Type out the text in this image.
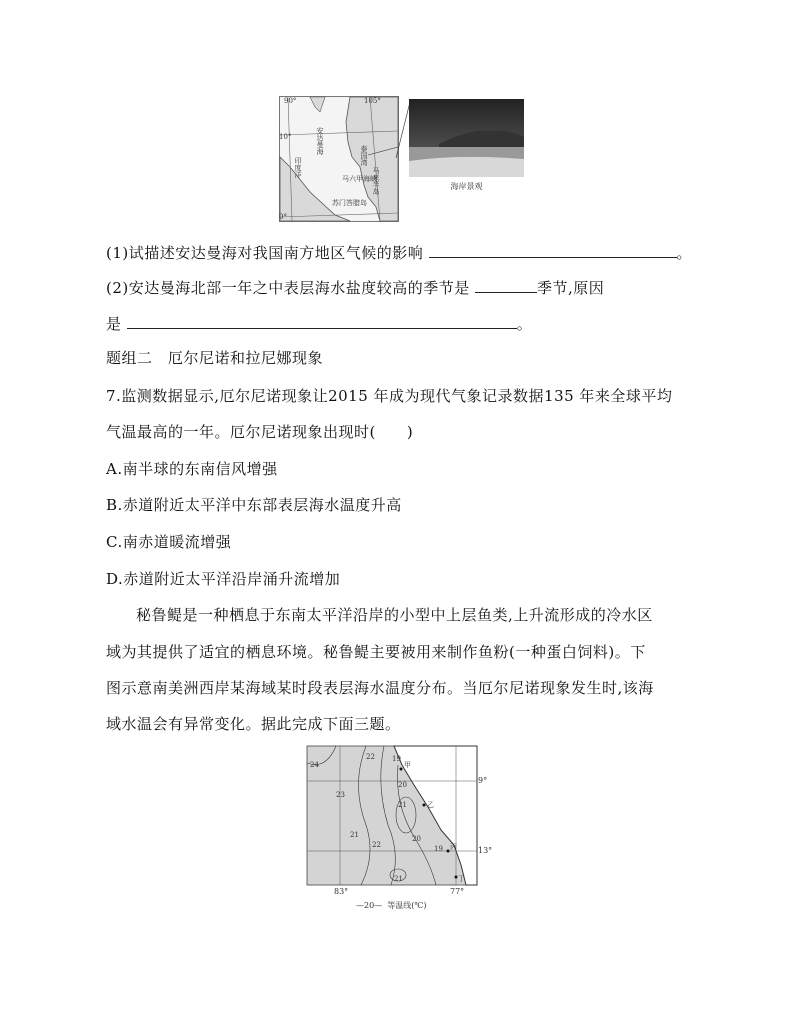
90°	105°
10°
0°
印度洋
安达曼海
泰国湾
马六甲海峡
马来半岛
苏门答腊岛
海岸景观
(1)试描述安达曼海对我国南方地区气候的影响	。
(2)安达曼海北部一年之中表层海水盐度较高的季节是	季节,原因
是	。
题组二　厄尔尼诺和拉尼娜现象
7.监测数据显示,厄尔尼诺现象让2015 年成为现代气象记录数据135 年来全球平均
气温最高的一年。厄尔尼诺现象出现时(　　)
A.南半球的东南信风增强
B.赤道附近太平洋中东部表层海水温度升高
C.南赤道暖流增强
D.赤道附近太平洋沿岸涌升流增加
秘鲁鳀是一种栖息于东南太平洋沿岸的小型中上层鱼类,上升流形成的冷水区
域为其提供了适宜的栖息环境。秘鲁鳀主要被用来制作鱼粉(一种蛋白饲料)。下
图示意南美洲西岸某海域某时段表层海水温度分布。当厄尔尼诺现象发生时,该海
域水温会有异常变化。据此完成下面三题。
24
22
23
21
20
19
22
21	20
19
21
甲
乙
丙
丁
9°
13°
83°	77°
—20— 等温线(℃)
